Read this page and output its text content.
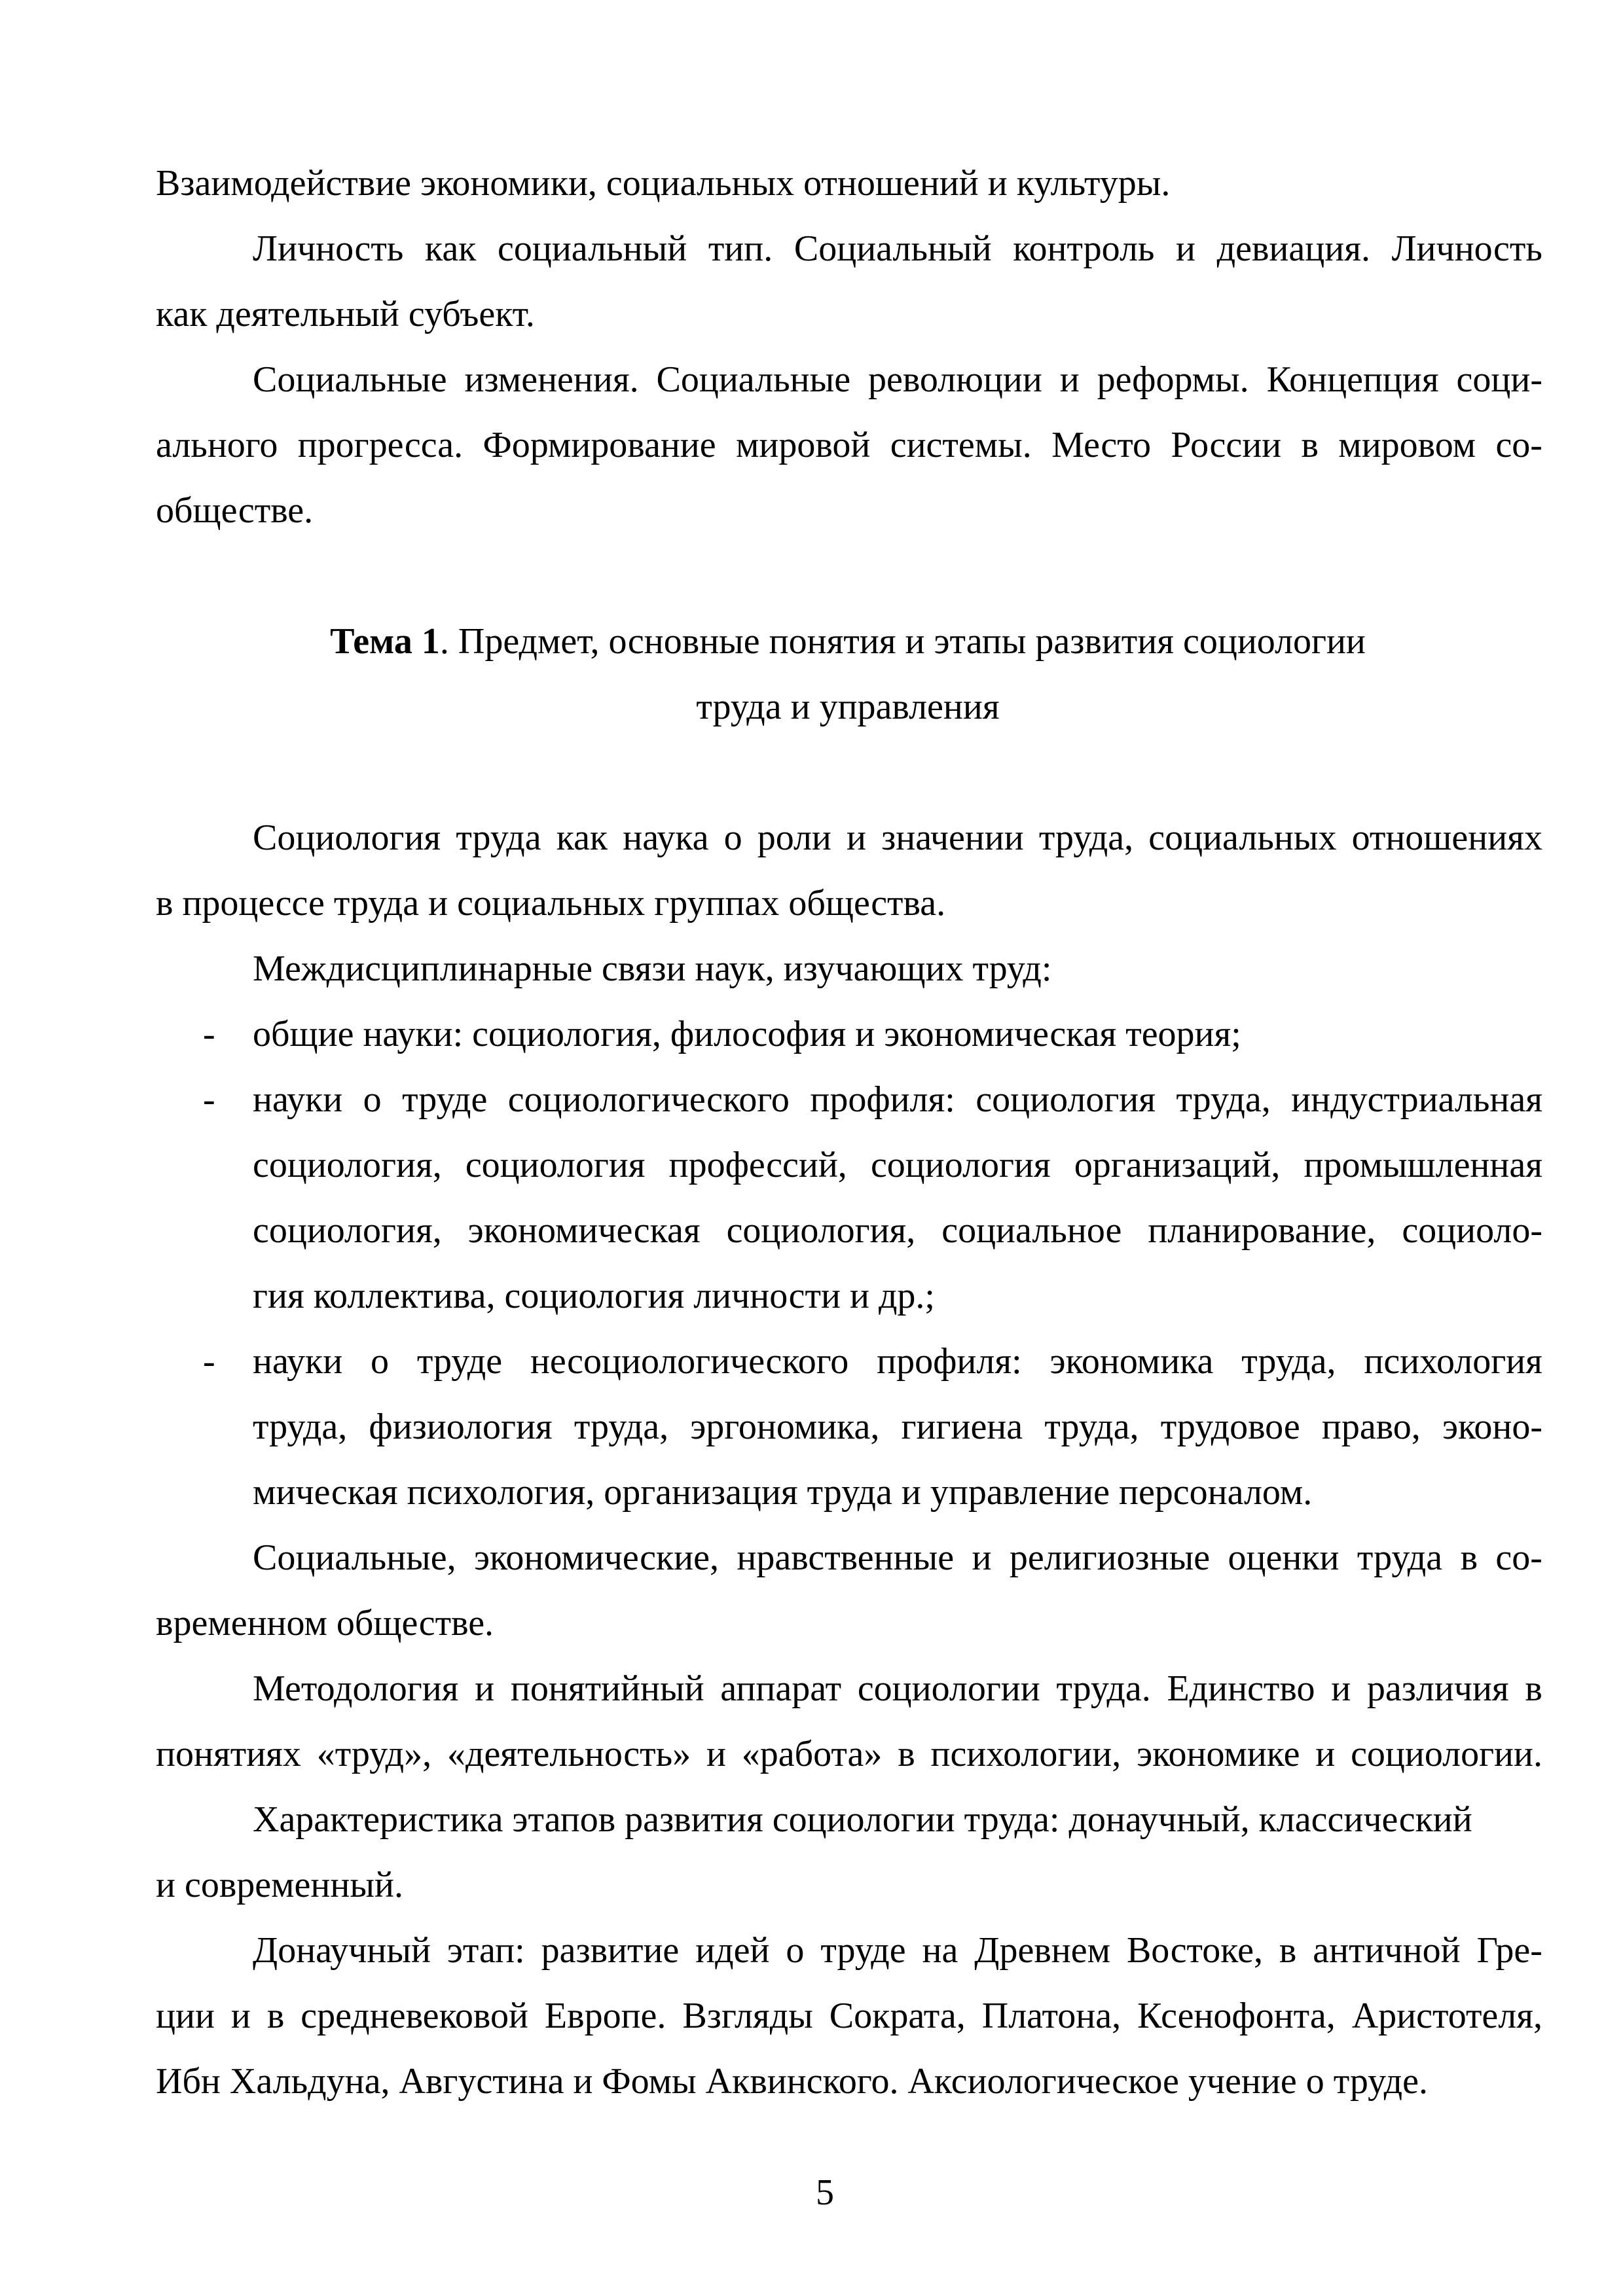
Взаимодействие экономики, социальных отношений и культуры.
Личность как социальный тип. Социальный контроль и девиация. Личность
как деятельный субъект.
Социальные изменения. Социальные революции и реформы. Концепция соци-
ального прогресса. Формирование мировой системы. Место России в мировом со-
обществе.
Тема 1. Предмет, основные понятия и этапы развития социологии
труда и управления
Социология труда как наука о роли и значении труда, социальных отношениях
в процессе труда и социальных группах общества.
Междисциплинарные связи наук, изучающих труд:
- общие науки: социология, философия и экономическая теория;
- науки о труде социологического профиля: социология труда, индустриальная
социология, социология профессий, социология организаций, промышленная
социология, экономическая социология, социальное планирование, социоло-
гия коллектива, социология личности и др.;
- науки о труде несоциологического профиля: экономика труда, психология
труда, физиология труда, эргономика, гигиена труда, трудовое право, эконо-
мическая психология, организация труда и управление персоналом.
Социальные, экономические, нравственные и религиозные оценки труда в со-
временном обществе.
Методология и понятийный аппарат социологии труда. Единство и различия в
понятиях «труд», «деятельность» и «работа» в психологии, экономике и социологии.
Характеристика этапов развития социологии труда: донаучный, классический
и современный.
Донаучный этап: развитие идей о труде на Древнем Востоке, в античной Гре-
ции и в средневековой Европе. Взгляды Сократа, Платона, Ксенофонта, Аристотеля,
Ибн Хальдуна, Августина и Фомы Аквинского. Аксиологическое учение о труде.
5
